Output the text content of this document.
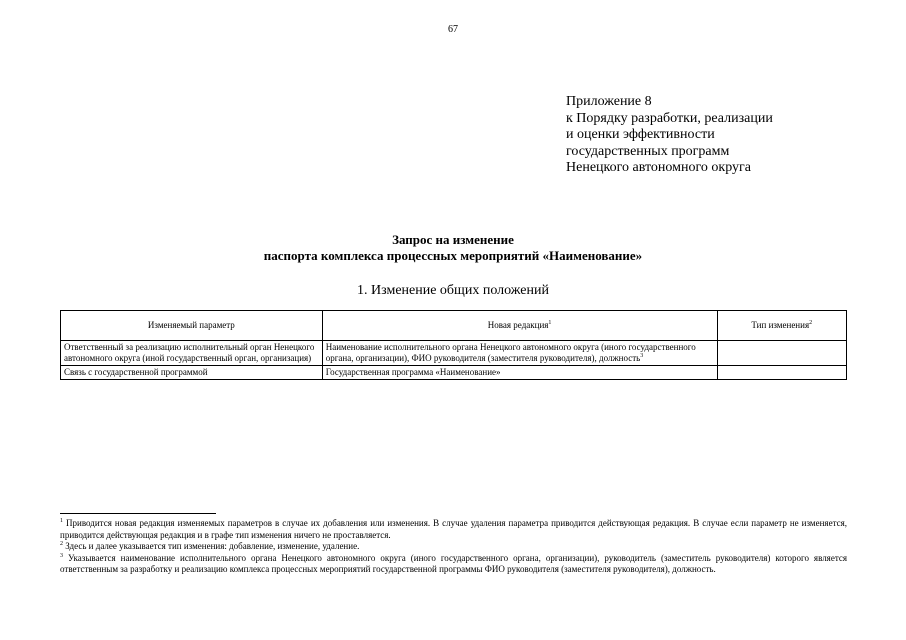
67
Приложение 8
к Порядку разработки, реализации
и оценки эффективности
государственных программ
Ненецкого автономного округа
Запрос на изменение
паспорта комплекса процессных мероприятий «Наименование»
1. Изменение общих положений
Изменяемый параметр	Новая редакция$^1$	Тип изменения$^2$
Ответственный за реализацию исполнительный орган Ненецкого автономного округа (иной государственный орган, организация)	Наименование исполнительного органа Ненецкого автономного округа (иного государственного органа, организации), ФИО руководителя (заместителя руководителя), должность$^3$	
Связь с государственной программой	Государственная программа «Наименование»	

$^1$ Приводится новая редакция изменяемых параметров в случае их добавления или изменения. В случае удаления параметра приводится действующая редакция. В случае если параметр не изменяется, приводится действующая редакция и в графе тип изменения ничего не проставляется.

$^2$ Здесь и далее указывается тип изменения: добавление, изменение, удаление.

$^3$ Указывается наименование исполнительного органа Ненецкого автономного округа (иного государственного органа, организации), руководитель (заместитель руководителя) которого является ответственным за разработку и реализацию комплекса процессных мероприятий государственной программы ФИО руководителя (заместителя руководителя), должность.
